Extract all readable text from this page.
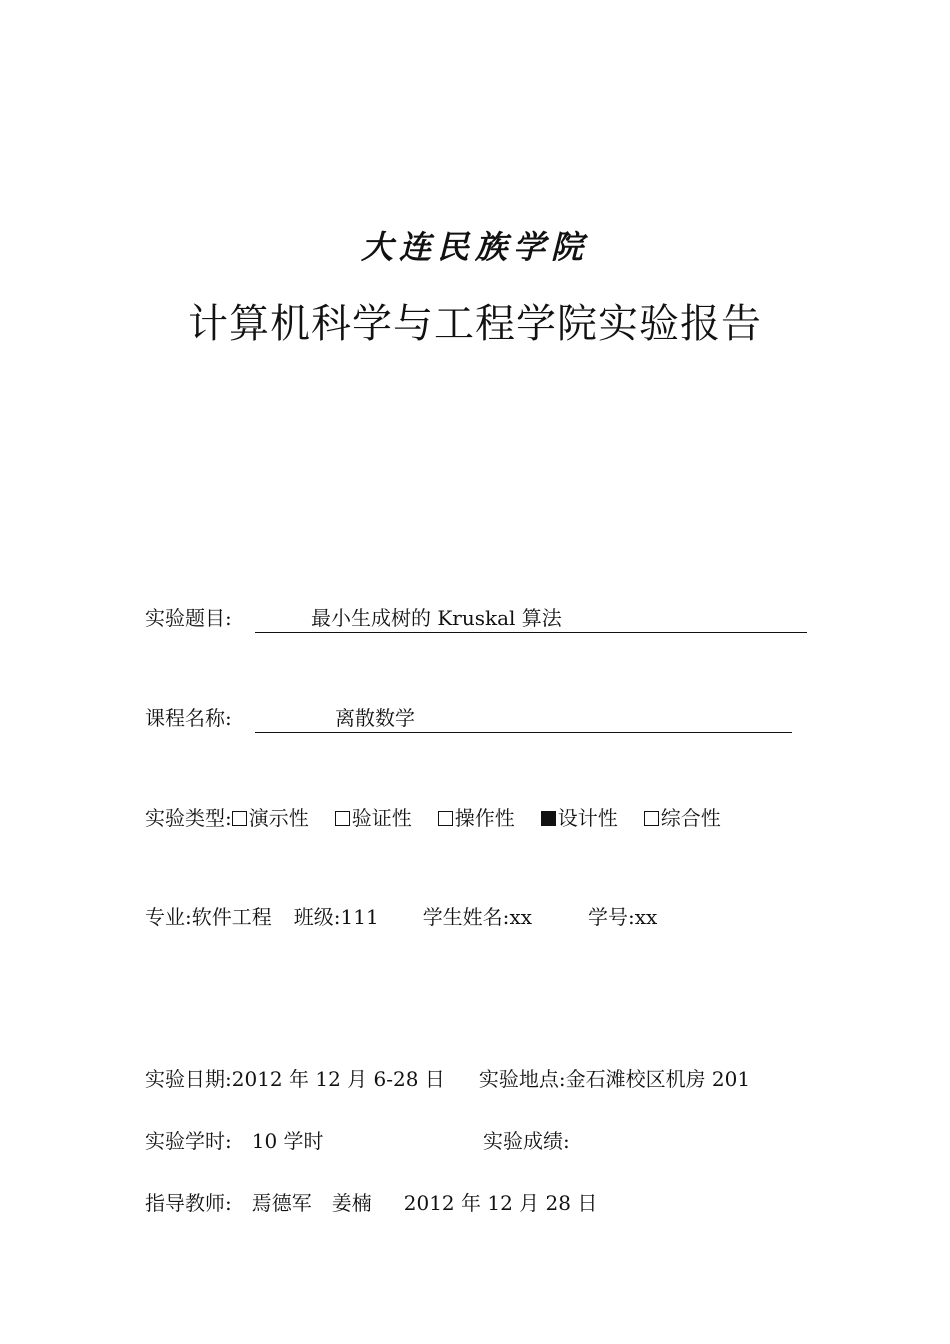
大连民族学院
计算机科学与工程学院实验报告
实验题目:	最小生成树的 Kruskal 算法
课程名称:	离散数学
实验类型: 演示性 验证性 操作性 设计性 综合性
专业:软件工程 班级:111 学生姓名:xx	学号:xx
实验日期:2012 年 12 月 6-28 日 实验地点:金石滩校区机房 201
实验学时: 10 学时	实验成绩:
指导教师: 焉德军　姜楠 2012 年 12 月 28 日
